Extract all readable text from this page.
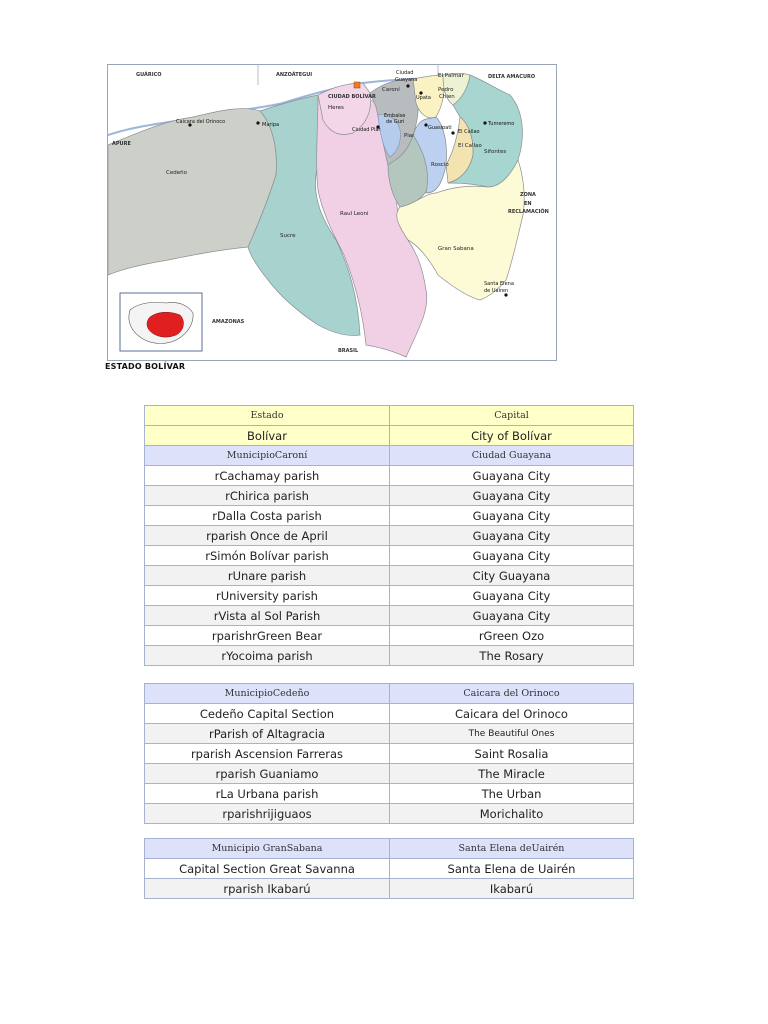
GUÁRICO	ANZOÁTEGUI	DELTA AMACURO
APURE
ZONA
EN
RECLAMACIÓN
AMAZONAS
BRASIL
Cedeño
Sucre
Raul Leoni
Gran Sabana
Heres
Caroní
Piar
Roscio
El Callao
Sifontes
Pedro
Chien
El Palmar
CIUDAD BOLÍVAR
Caicara del Orinoco	Maripa
Ciudad
Guayana
Upata
Ciudad Piar
Embalse
de Guri
Guasipati
El Callao
Tumeremo
Santa Elena
de Uairen
ESTADO BOLÍVAR
Estado	Capital
Bolívar	City of Bolívar
MunicipioCaroní	Ciudad Guayana
rCachamay parish	Guayana City
rChirica parish	Guayana City
rDalla Costa parish	Guayana City
rparish Once de April	Guayana City
rSimón Bolívar parish	Guayana City
rUnare parish	City Guayana
rUniversity parish	Guayana City
rVista al Sol Parish	Guayana City
rparishrGreen Bear	rGreen Ozo
rYocoima parish	The Rosary
MunicipioCedeño	Caicara del Orinoco
Cedeño Capital Section	Caicara del Orinoco
rParish of Altagracia	The Beautiful Ones
rparish Ascension Farreras	Saint Rosalia
rparish Guaniamo	The Miracle
rLa Urbana parish	The Urban
rparishrijiguaos	Morichalito
Municipio GranSabana	Santa Elena deUairén
Capital Section Great Savanna	Santa Elena de Uairén
rparish Ikabarú	Ikabarú
